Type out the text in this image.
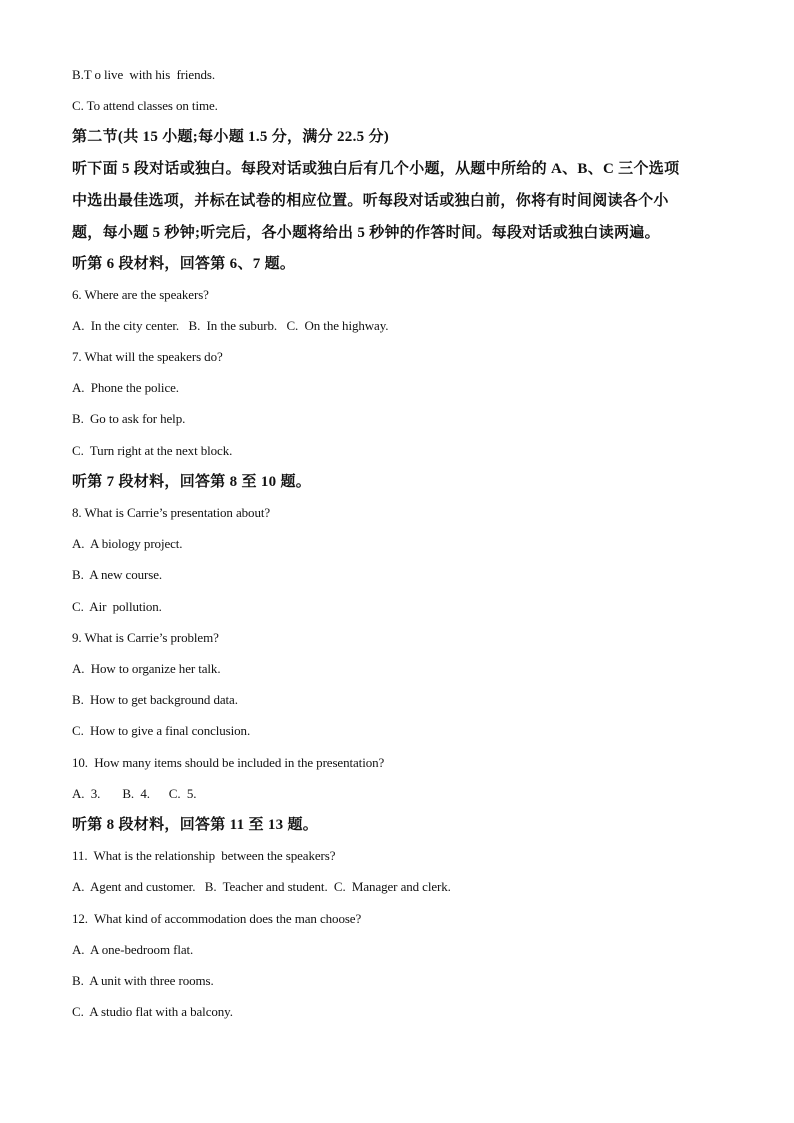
B.T o live  with his  friends.
C. To attend classes on time.
第二节(共 15 小题;每小题 1.5 分，满分 22.5 分)
听下面 5 段对话或独白。每段对话或独白后有几个小题，从题中所给的 A、B、C 三个选项
中选出最佳选项，并标在试卷的相应位置。听每段对话或独白前，你将有时间阅读各个小
题，每小题 5 秒钟;听完后，各小题将给出 5 秒钟的作答时间。每段对话或独白读两遍。
听第 6 段材料，回答第 6、7 题。
6. Where are the speakers?
A.  In the city center.   B.  In the suburb.   C.  On the highway.
7. What will the speakers do?
A.  Phone the police.
B.  Go to ask for help.
C.  Turn right at the next block.
听第 7 段材料，回答第 8 至 10 题。
8. What is Carrie’s presentation about?
A.  A biology project.
B.  A new course.
C.  Air  pollution.
9. What is Carrie’s problem?
A.  How to organize her talk.
B.  How to get background data.
C.  How to give a final conclusion.
10.  How many items should be included in the presentation?
A.  3.       B.  4.      C.  5.
听第 8 段材料，回答第 11 至 13 题。
11.  What is the relationship  between the speakers?
A.  Agent and customer.   B.  Teacher and student.  C.  Manager and clerk.
12.  What kind of accommodation does the man choose?
A.  A one-bedroom flat.
B.  A unit with three rooms.
C.  A studio flat with a balcony.
